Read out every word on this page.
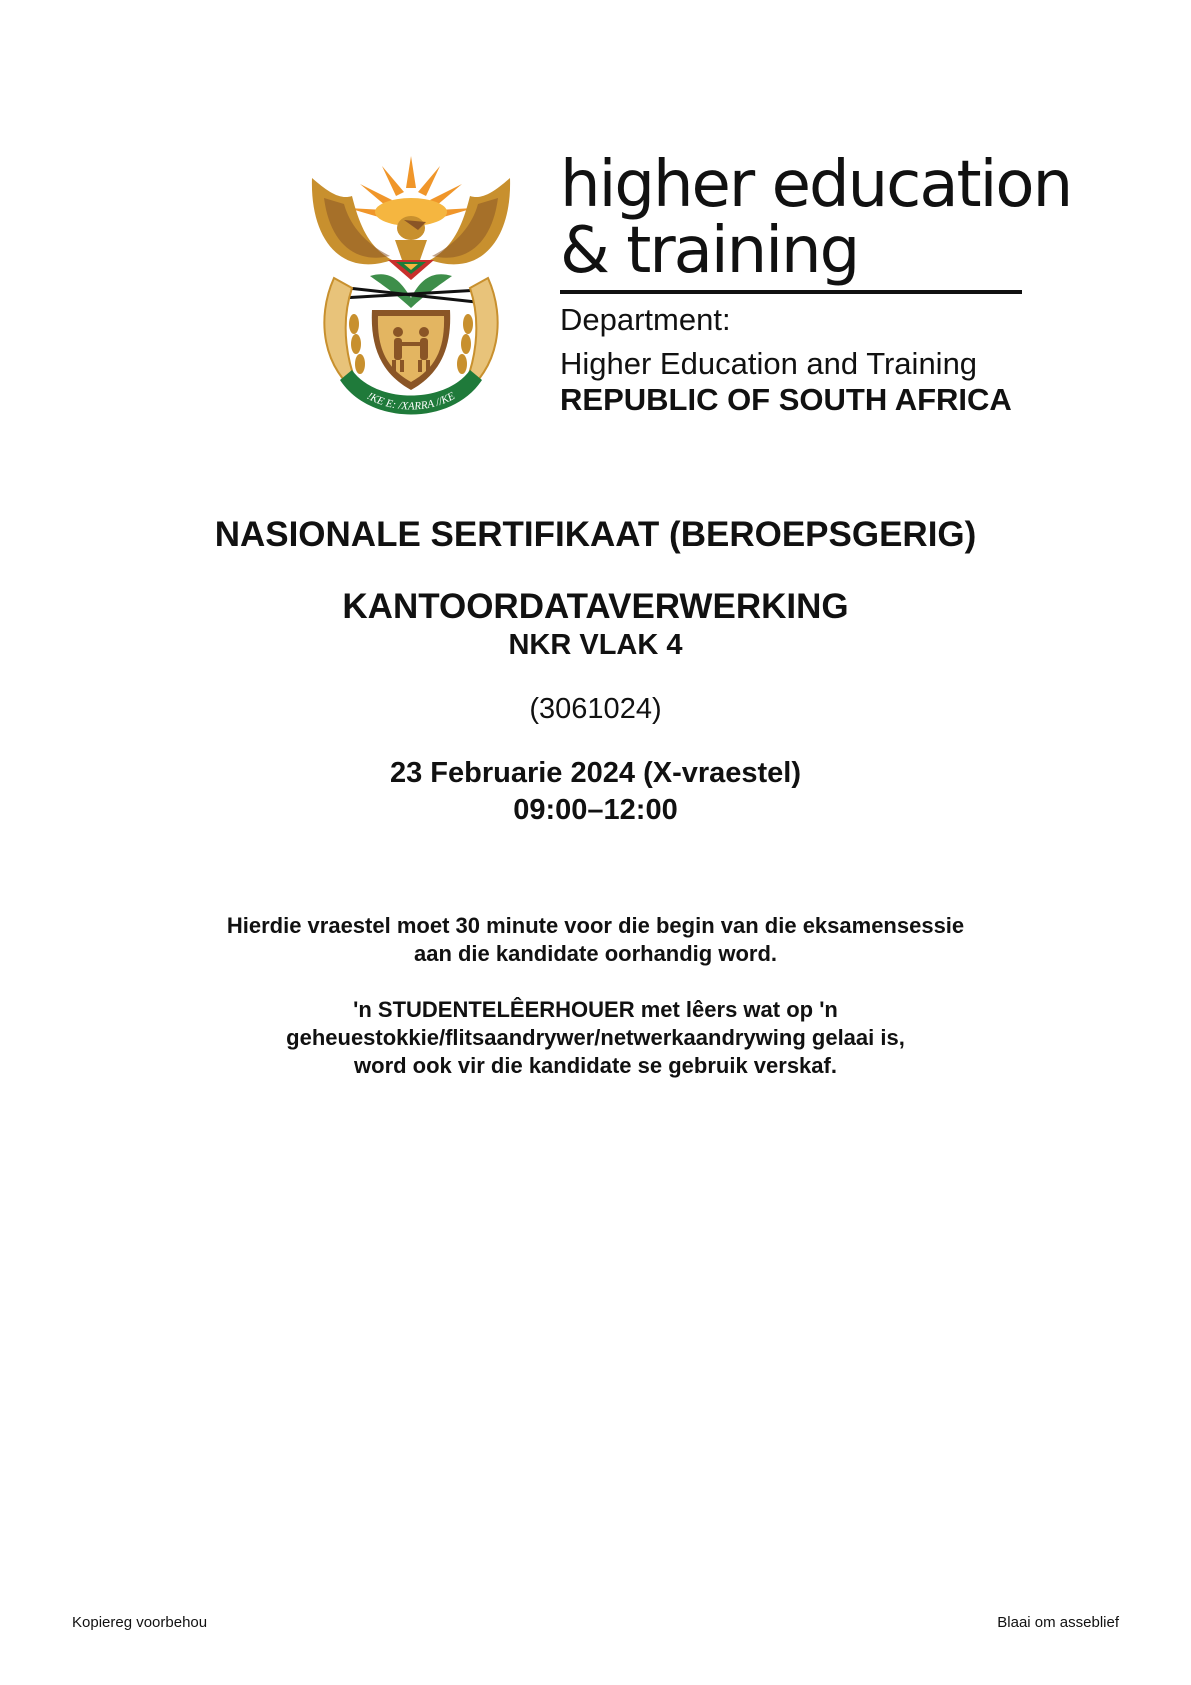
!KE E: /XARRA //KE
higher education
& training
Department:
Higher Education and Training
REPUBLIC OF SOUTH AFRICA
NASIONALE SERTIFIKAAT (BEROEPSGERIG)
KANTOORDATAVERWERKING
NKR VLAK 4
(3061024)
23 Februarie 2024 (X-vraestel)
09:00–12:00
Hierdie vraestel moet 30 minute voor die begin van die eksamensessie
aan die kandidate oorhandig word.
'n STUDENTELÊERHOUER met lêers wat op 'n
geheuestokkie/flitsaandrywer/netwerkaandrywing gelaai is,
word ook vir die kandidate se gebruik verskaf.
Kopiereg voorbehou	Blaai om asseblief
